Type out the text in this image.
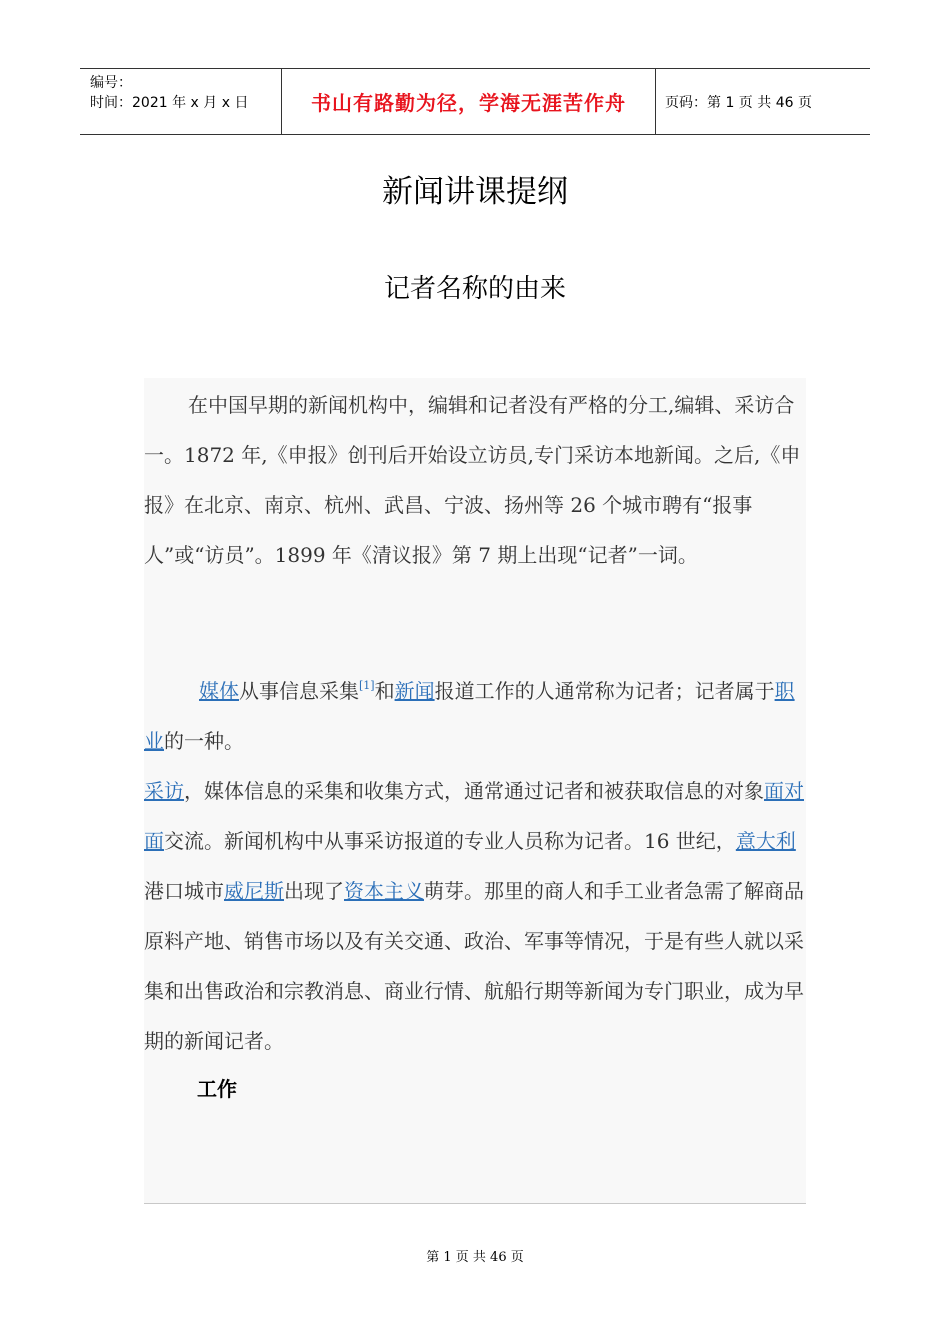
编号：
时间：2021 年 x 月 x 日	书山有路勤为径，学海无涯苦作舟	页码：第 1 页 共 46 页
新闻讲课提纲
记者名称的由来

在中国早期的新闻机构中，编辑和记者没有严格的分工,编辑、采访合一。1872 年,《申报》创刊后开始设立访员,专门采访本地新闻。之后,《申报》在北京、南京、杭州、武昌、宁波、扬州等 26 个城市聘有“报事人”或“访员”。1899 年《清议报》第 7 期上出现“记者”一词。

媒体从事信息采集[1]和新闻报道工作的人通常称为记者；记者属于职业的一种。

采访，媒体信息的采集和收集方式，通常通过记者和被获取信息的对象面对面交流。新闻机构中从事采访报道的专业人员称为记者。16 世纪，意大利港口城市威尼斯出现了资本主义萌芽。那里的商人和手工业者急需了解商品原料产地、销售市场以及有关交通、政治、军事等情况，于是有些人就以采集和出售政治和宗教消息、商业行情、航船行期等新闻为专门职业，成为早期的新闻记者。

工作

第 1 页 共 46 页
